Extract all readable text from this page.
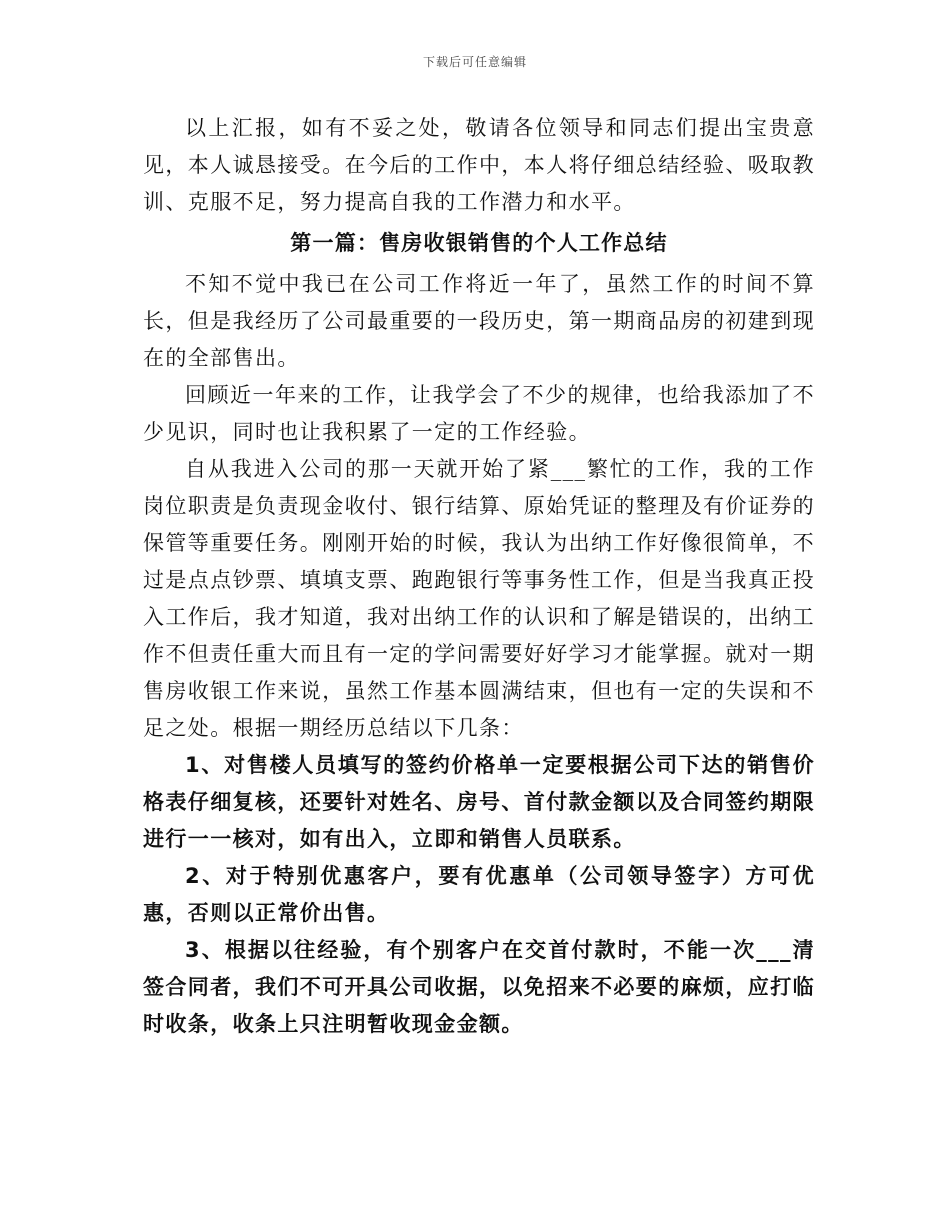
下载后可任意编辑

以上汇报，如有不妥之处，敬请各位领导和同志们提出宝贵意见，本人诚恳接受。在今后的工作中，本人将仔细总结经验、吸取教训、克服不足，努力提高自我的工作潜力和水平。

第一篇：售房收银销售的个人工作总结

不知不觉中我已在公司工作将近一年了，虽然工作的时间不算长，但是我经历了公司最重要的一段历史，第一期商品房的初建到现在的全部售出。

回顾近一年来的工作，让我学会了不少的规律，也给我添加了不少见识，同时也让我积累了一定的工作经验。

自从我进入公司的那一天就开始了紧___繁忙的工作，我的工作岗位职责是负责现金收付、银行结算、原始凭证的整理及有价证券的保管等重要任务。刚刚开始的时候，我认为出纳工作好像很简单，不过是点点钞票、填填支票、跑跑银行等事务性工作，但是当我真正投入工作后，我才知道，我对出纳工作的认识和了解是错误的，出纳工作不但责任重大而且有一定的学问需要好好学习才能掌握。就对一期售房收银工作来说，虽然工作基本圆满结束，但也有一定的失误和不足之处。根据一期经历总结以下几条：

1、对售楼人员填写的签约价格单一定要根据公司下达的销售价格表仔细复核，还要针对姓名、房号、首付款金额以及合同签约期限进行一一核对，如有出入，立即和销售人员联系。

2、对于特别优惠客户，要有优惠单（公司领导签字）方可优惠，否则以正常价出售。

3、根据以往经验，有个别客户在交首付款时，不能一次___清签合同者，我们不可开具公司收据，以免招来不必要的麻烦，应打临时收条，收条上只注明暂收现金金额。
